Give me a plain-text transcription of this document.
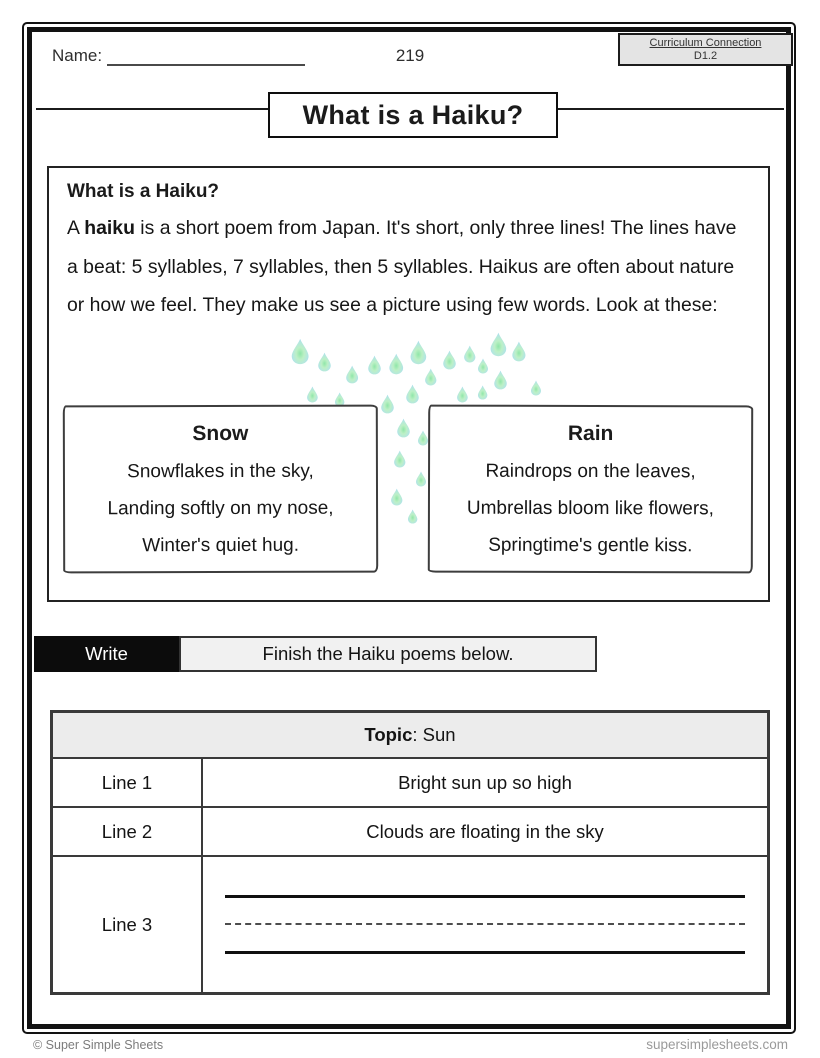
Name:	219
Curriculum Connection
D1.2
What is a Haiku?
What is a Haiku?
A haiku is a short poem from Japan. It's short, only three lines! The lines have a beat: 5 syllables, 7 syllables, then 5 syllables. Haikus are often about nature or how we feel. They make us see a picture using few words. Look at these:
Snow
Snowflakes in the sky,
Landing softly on my nose,
Winter's quiet hug.
Rain
Raindrops on the leaves,
Umbrellas bloom like flowers,
Springtime's gentle kiss.
Write	Finish the Haiku poems below.
Topic : Sun
Line 1	Bright sun up so high
Line 2	Clouds are floating in the sky
Line 3
© Super Simple Sheets	supersimplesheets.com
